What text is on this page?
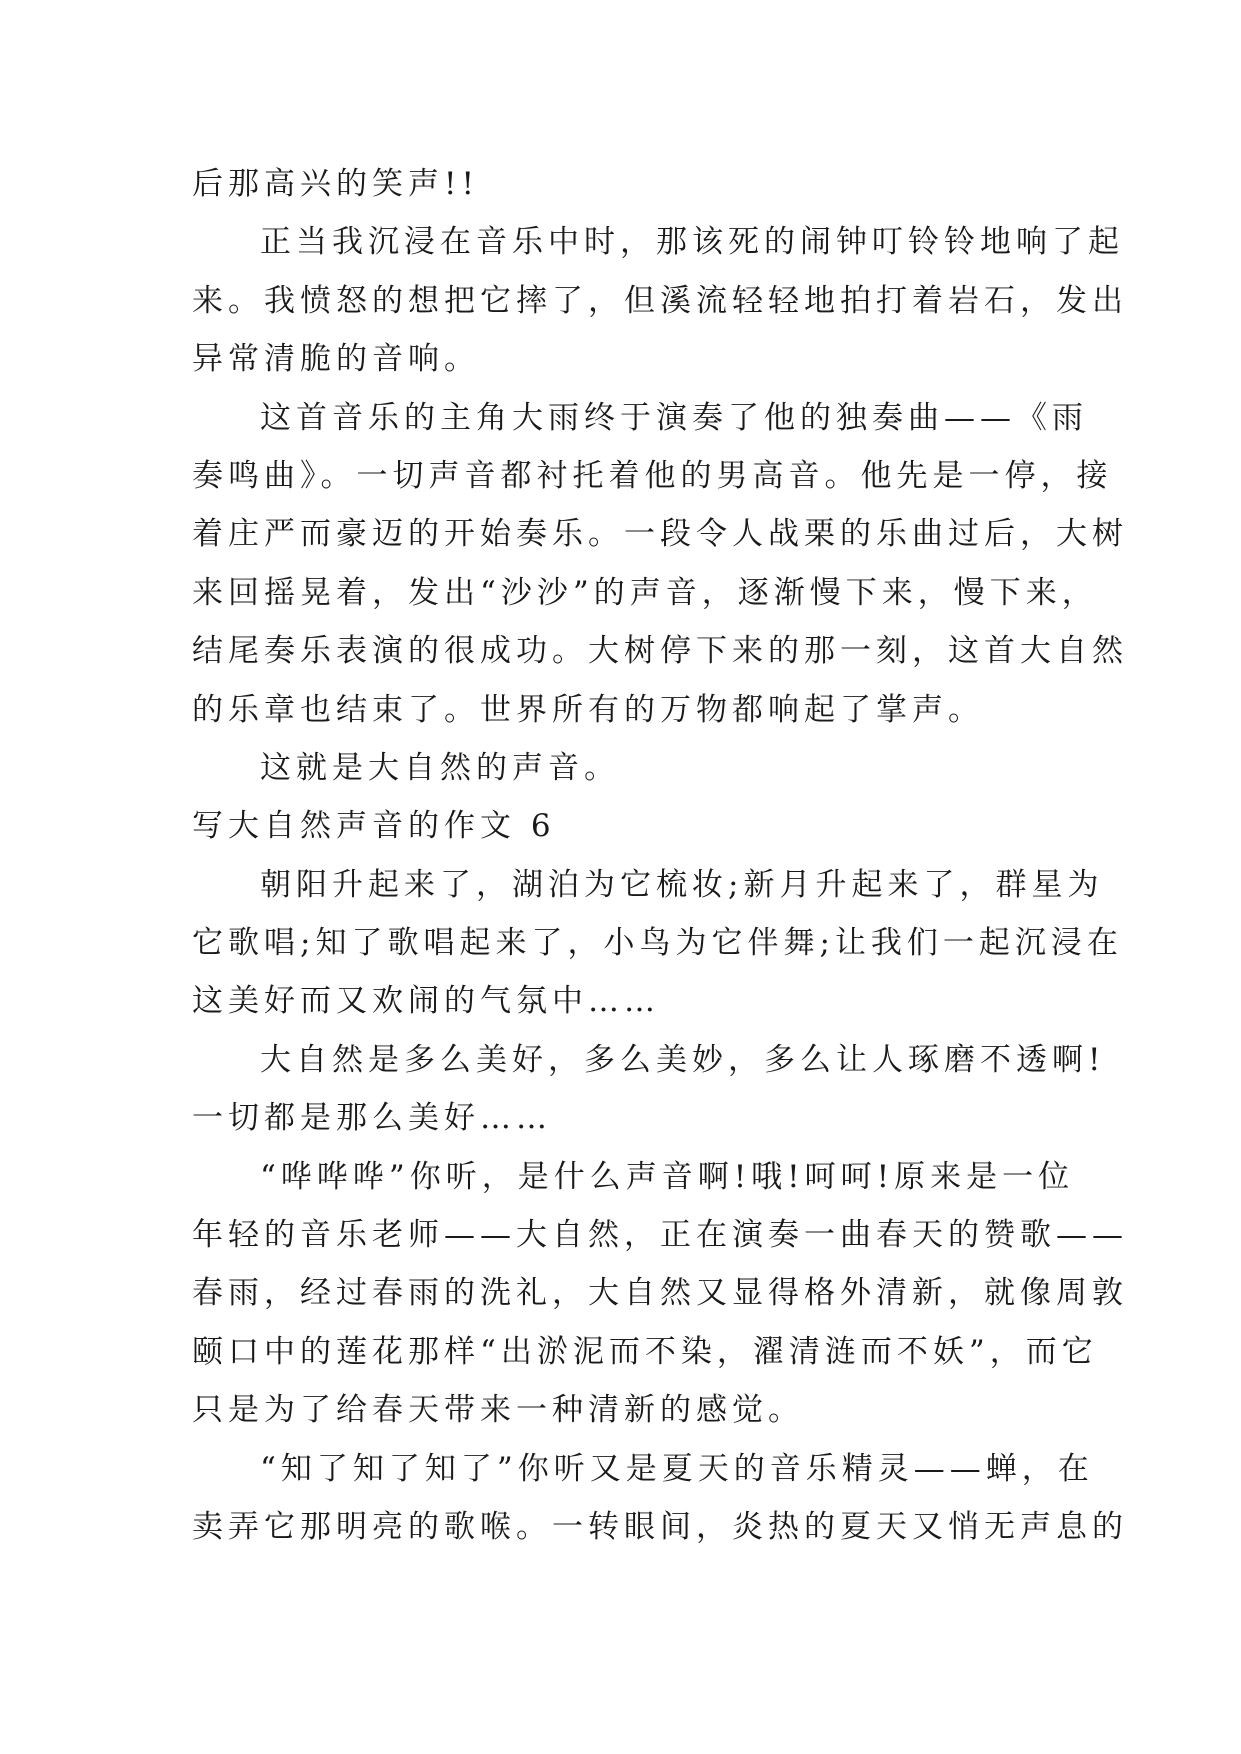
后那高兴的笑声!!
正当我沉浸在音乐中时，那该死的闹钟叮铃铃地响了起
来。我愤怒的想把它摔了，但溪流轻轻地拍打着岩石，发出
异常清脆的音响。
这首音乐的主角大雨终于演奏了他的独奏曲——《雨
奏鸣曲》。一切声音都衬托着他的男高音。他先是一停，接
着庄严而豪迈的开始奏乐。一段令人战栗的乐曲过后，大树
来回摇晃着，发出“沙沙”的声音，逐渐慢下来，慢下来，
结尾奏乐表演的很成功。大树停下来的那一刻，这首大自然
的乐章也结束了。世界所有的万物都响起了掌声。
这就是大自然的声音。
写大自然声音的作文 6
朝阳升起来了，湖泊为它梳妆;新月升起来了，群星为
它歌唱;知了歌唱起来了，小鸟为它伴舞;让我们一起沉浸在
这美好而又欢闹的气氛中……
大自然是多么美好，多么美妙，多么让人琢磨不透啊!
一切都是那么美好……
“哗哗哗”你听，是什么声音啊!哦!呵呵!原来是一位
年轻的音乐老师——大自然，正在演奏一曲春天的赞歌——
春雨，经过春雨的洗礼，大自然又显得格外清新，就像周敦
颐口中的莲花那样“出淤泥而不染，濯清涟而不妖”，而它
只是为了给春天带来一种清新的感觉。
“知了知了知了”你听又是夏天的音乐精灵——蝉，在
卖弄它那明亮的歌喉。一转眼间，炎热的夏天又悄无声息的
